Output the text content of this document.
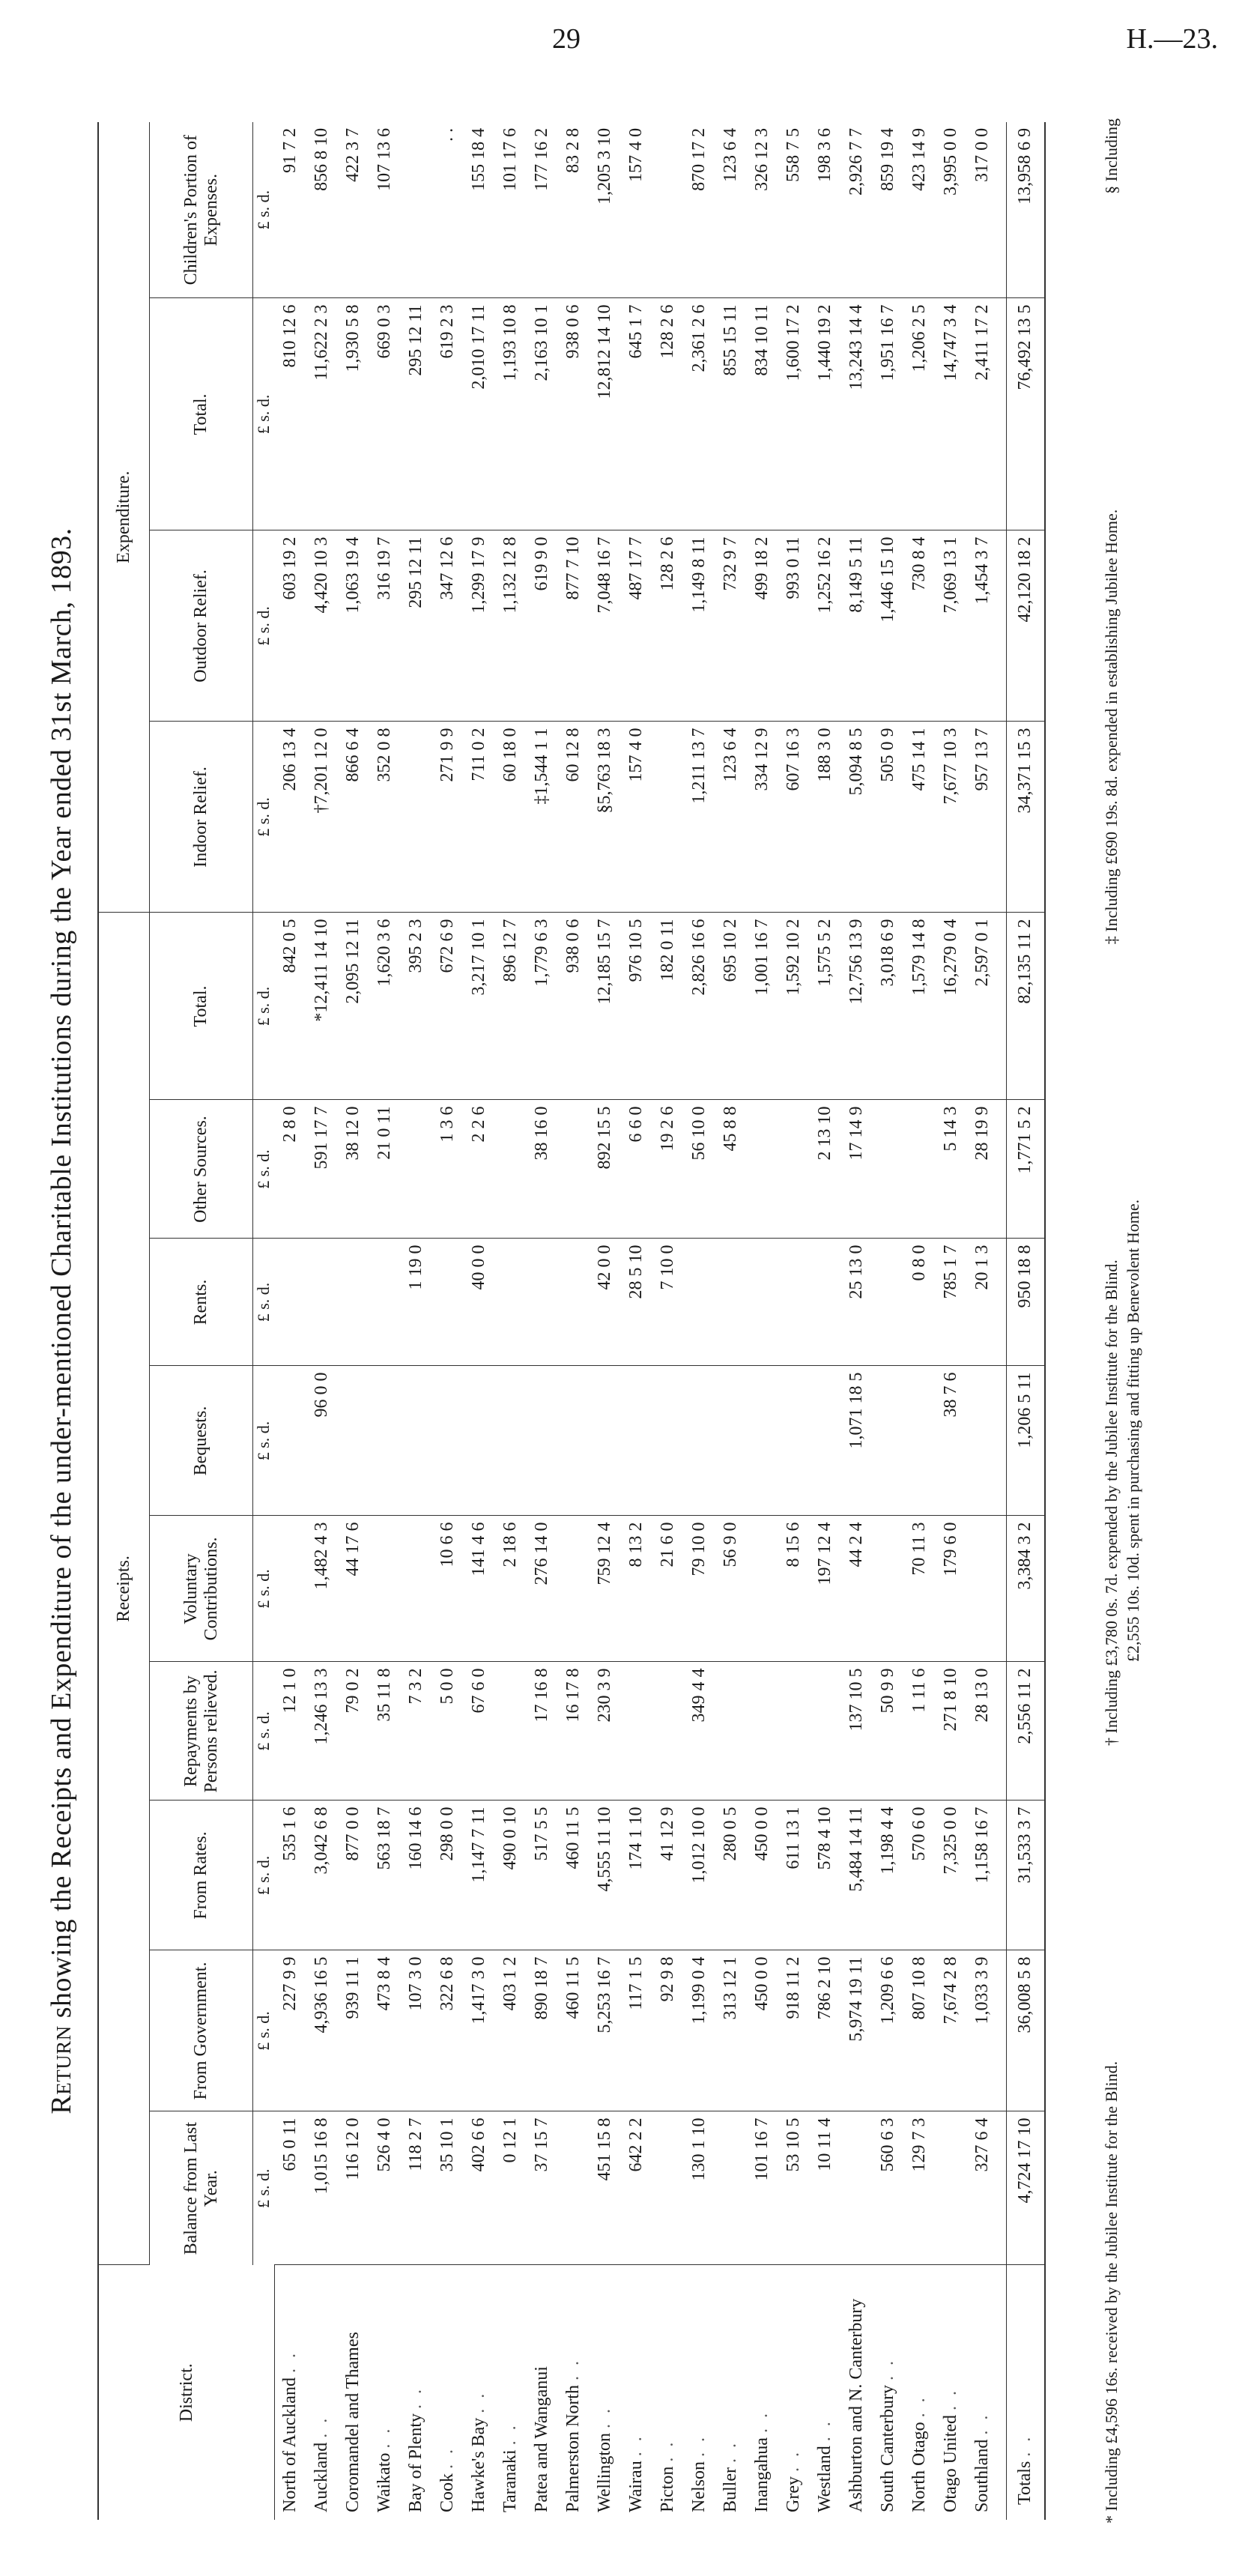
29	H.—23.
Return showing the Receipts and Expenditure of the under-mentioned Charitable Institutions during the Year ended 31st March, 1893.
District.	Receipts.									Expenditure.			
	Balance from Last Year.	From Government.	From Rates.	Repayments by Persons relieved.	Voluntary Contributions.	Bequests.	Rents.	Other Sources.	Total.	Indoor Relief.	Outdoor Relief.	Total.	Children's Portion of Expenses.
	£ s. d.	£ s. d.	£ s. d.	£ s. d.	£ s. d.	£ s. d.	£ s. d.	£ s. d.	£ s. d.	£ s. d.	£ s. d.	£ s. d.	£ s. d.
North of Auckland . .	65 0 11	227 9 9	535 1 6	12 1 0				2 8 0	842 0 5	206 13 4	603 19 2	810 12 6	91 7 2
Auckland . .	1,015 16 8	4,936 16 5	3,042 6 8	1,246 13 3	1,482 4 3	96 0 0		591 17 7	*12,411 14 10	†7,201 12 0	4,420 10 3	11,622 2 3	856 8 10
Coromandel and Thames	116 12 0	939 11 1	877 0 0	79 0 2	44 17 6			38 12 0	2,095 12 11	866 6 4	1,063 19 4	1,930 5 8	422 3 7
Waikato . .	526 4 0	473 8 4	563 18 7	35 11 8				21 0 11	1,620 3 6	352 0 8	316 19 7	669 0 3	107 13 6
Bay of Plenty . .	118 2 7	107 3 0	160 14 6	7 3 2			1 19 0		395 2 3		295 12 11	295 12 11	
Cook . .	35 10 1	322 6 8	298 0 0	5 0 0	10 6 6			1 3 6	672 6 9	271 9 9	347 12 6	619 2 3	. .
Hawke's Bay . .	402 6 6	1,417 3 0	1,147 7 11	67 6 0	141 4 6		40 0 0	2 2 6	3,217 10 1	711 0 2	1,299 17 9	2,010 17 11	155 18 4
Taranaki . .	0 12 1	403 1 2	490 0 10		2 18 6				896 12 7	60 18 0	1,132 12 8	1,193 10 8	101 17 6
Patea and Wanganui	37 15 7	890 18 7	517 5 5	17 16 8	276 14 0			38 16 0	1,779 6 3	‡1,544 1 1	619 9 0	2,163 10 1	177 16 2
Palmerston North . .		460 11 5	460 11 5	16 17 8					938 0 6	60 12 8	877 7 10	938 0 6	83 2 8
Wellington . .	451 15 8	5,253 16 7	4,555 11 10	230 3 9	759 12 4		42 0 0	892 15 5	12,185 15 7	§5,763 18 3	7,048 16 7	12,812 14 10	1,205 3 10
Wairau . .	642 2 2	117 1 5	174 1 10		8 13 2		28 5 10	6 6 0	976 10 5	157 4 0	487 17 7	645 1 7	157 4 0
Picton . .		92 9 8	41 12 9		21 6 0		7 10 0	19 2 6	182 0 11		128 2 6	128 2 6	
Nelson . .	130 1 10	1,199 0 4	1,012 10 0	349 4 4	79 10 0			56 10 0	2,826 16 6	1,211 13 7	1,149 8 11	2,361 2 6	870 17 2
Buller . .		313 12 1	280 0 5		56 9 0			45 8 8	695 10 2	123 6 4	732 9 7	855 15 11	123 6 4
Inangahua . .	101 16 7	450 0 0	450 0 0						1,001 16 7	334 12 9	499 18 2	834 10 11	326 12 3
Grey . .	53 10 5	918 11 2	611 13 1		8 15 6				1,592 10 2	607 16 3	993 0 11	1,600 17 2	558 7 5
Westland . .	10 11 4	786 2 10	578 4 10		197 12 4			2 13 10	1,575 5 2	188 3 0	1,252 16 2	1,440 19 2	198 3 6
Ashburton and N. Canterbury		5,974 19 11	5,484 14 11	137 10 5	44 2 4	1,071 18 5	25 13 0	17 14 9	12,756 13 9	5,094 8 5	8,149 5 11	13,243 14 4	2,926 7 7
South Canterbury . .	560 6 3	1,209 6 6	1,198 4 4	50 9 9					3,018 6 9	505 0 9	1,446 15 10	1,951 16 7	859 19 4
North Otago . .	129 7 3	807 10 8	570 6 0	1 11 6	70 11 3		0 8 0		1,579 14 8	475 14 1	730 8 4	1,206 2 5	423 14 9
Otago United . .		7,674 2 8	7,325 0 0	271 8 10	179 6 0	38 7 6	785 1 7	5 14 3	16,279 0 4	7,677 10 3	7,069 13 1	14,747 3 4	3,995 0 0
Southland . .	327 6 4	1,033 3 9	1,158 16 7	28 13 0			20 1 3	28 19 9	2,597 0 1	957 13 7	1,454 3 7	2,411 17 2	317 0 0
Totals . .	4,724 17 10	36,008 5 8	31,533 3 7	2,556 11 2	3,384 3 2	1,206 5 11	950 18 8	1,771 5 2	82,135 11 2	34,371 15 3	42,120 18 2	76,492 13 5	13,958 6 9
* Including £4,596 16s. received by the Jubilee Institute for the Blind.
† Including £3,780 0s. 7d. expended by the Jubilee Institute for the Blind.
‡ Including £690 19s. 8d. expended in establishing Jubilee Home.
§ Including
£2,555 10s. 10d. spent in purchasing and fitting up Benevolent Home.
